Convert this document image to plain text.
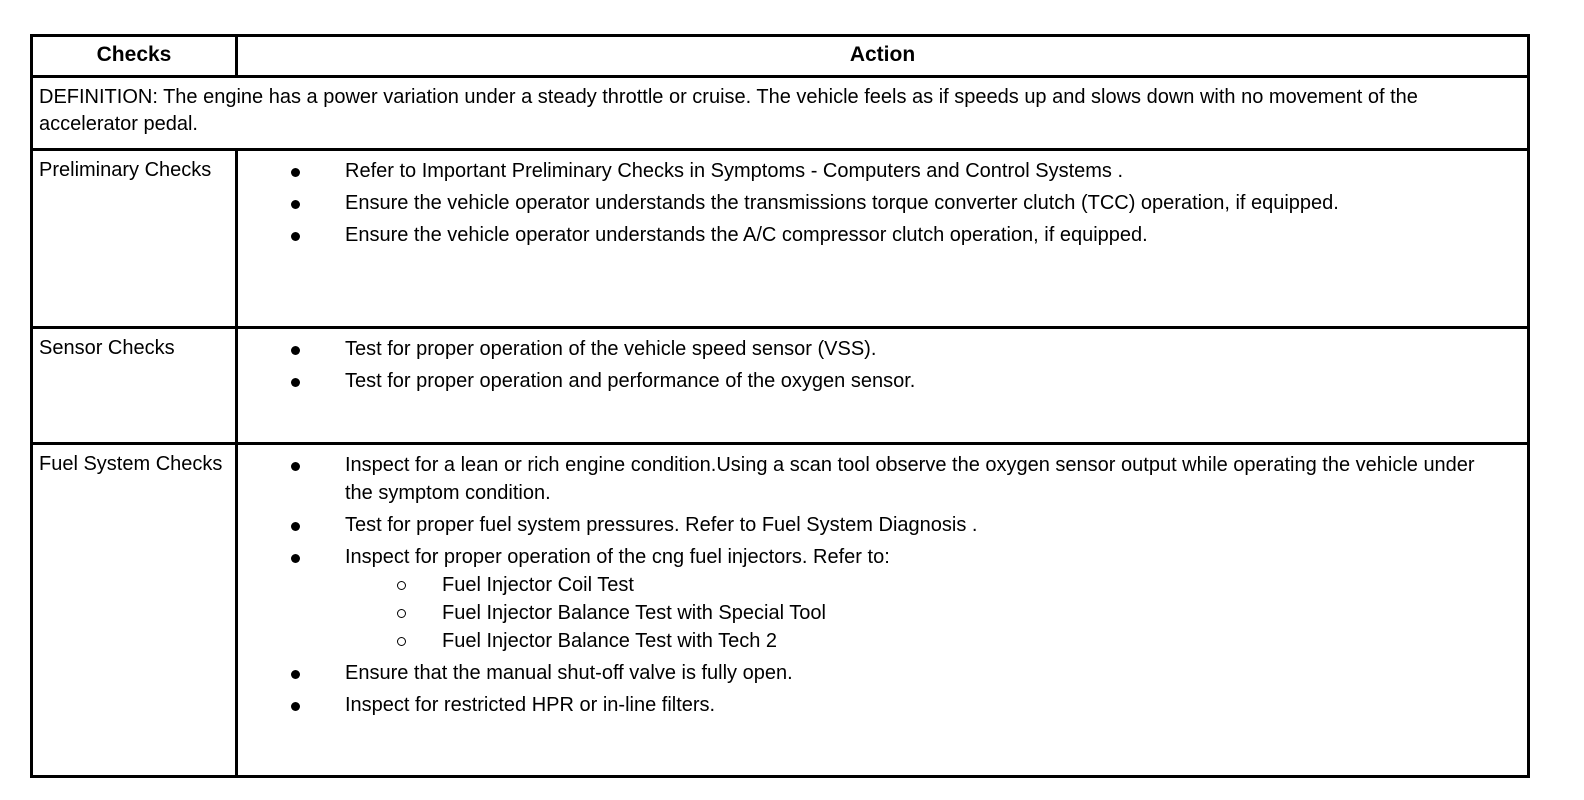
Checks	Action
DEFINITION: The engine has a power variation under a steady throttle or cruise. The vehicle feels as if speeds up and slows down with no movement of the accelerator pedal.
Preliminary Checks	Refer to Important Preliminary Checks in Symptoms - Computers and Control Systems .
Ensure the vehicle operator understands the transmissions torque converter clutch (TCC) operation, if equipped.
Ensure the vehicle operator understands the A/C compressor clutch operation, if equipped.
Sensor Checks	Test for proper operation of the vehicle speed sensor (VSS).
Test for proper operation and performance of the oxygen sensor.
Fuel System Checks	Inspect for a lean or rich engine condition.Using a scan tool observe the oxygen sensor output while operating the vehicle under the symptom condition.
Test for proper fuel system pressures. Refer to Fuel System Diagnosis .
Inspect for proper operation of the cng fuel injectors. Refer to:
Fuel Injector Coil Test
Fuel Injector Balance Test with Special Tool
Fuel Injector Balance Test with Tech 2
Ensure that the manual shut-off valve is fully open.
Inspect for restricted HPR or in-line filters.
